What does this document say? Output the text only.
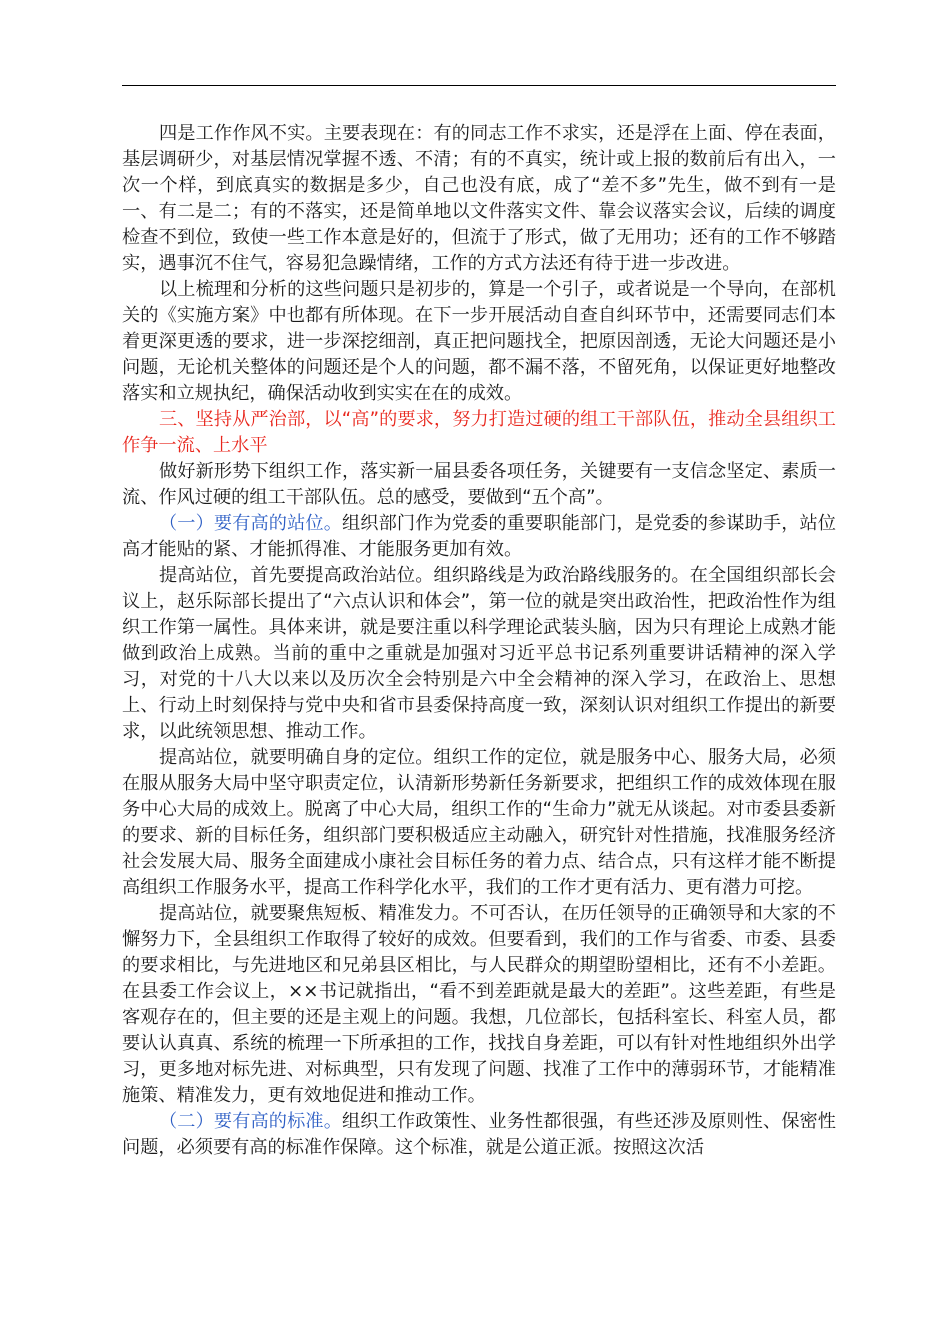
四是工作作风不实。主要表现在：有的同志工作不求实，还是浮在上面、停在表面，基层调研少，对基层情况掌握不透、不清；有的不真实，统计或上报的数前后有出入，一次一个样，到底真实的数据是多少，自己也没有底，成了“差不多”先生，做不到有一是一、有二是二；有的不落实，还是简单地以文件落实文件、靠会议落实会议，后续的调度检查不到位，致使一些工作本意是好的，但流于了形式，做了无用功；还有的工作不够踏实，遇事沉不住气，容易犯急躁情绪，工作的方式方法还有待于进一步改进。

以上梳理和分析的这些问题只是初步的，算是一个引子，或者说是一个导向，在部机关的《实施方案》中也都有所体现。在下一步开展活动自查自纠环节中，还需要同志们本着更深更透的要求，进一步深挖细剖，真正把问题找全，把原因剖透，无论大问题还是小问题，无论机关整体的问题还是个人的问题，都不漏不落，不留死角，以保证更好地整改落实和立规执纪，确保活动收到实实在在的成效。

三、坚持从严治部，以“高”的要求，努力打造过硬的组工干部队伍，推动全县组织工作争一流、上水平

做好新形势下组织工作，落实新一届县委各项任务，关键要有一支信念坚定、素质一流、作风过硬的组工干部队伍。总的感受，要做到“五个高”。

（一）要有高的站位。组织部门作为党委的重要职能部门，是党委的参谋助手，站位高才能贴的紧、才能抓得准、才能服务更加有效。

提高站位，首先要提高政治站位。组织路线是为政治路线服务的。在全国组织部长会议上，赵乐际部长提出了“六点认识和体会”，第一位的就是突出政治性，把政治性作为组织工作第一属性。具体来讲，就是要注重以科学理论武装头脑，因为只有理论上成熟才能做到政治上成熟。当前的重中之重就是加强对习近平总书记系列重要讲话精神的深入学习，对党的十八大以来以及历次全会特别是六中全会精神的深入学习，在政治上、思想上、行动上时刻保持与党中央和省市县委保持高度一致，深刻认识对组织工作提出的新要求，以此统领思想、推动工作。

提高站位，就要明确自身的定位。组织工作的定位，就是服务中心、服务大局，必须在服从服务大局中坚守职责定位，认清新形势新任务新要求，把组织工作的成效体现在服务中心大局的成效上。脱离了中心大局，组织工作的“生命力”就无从谈起。对市委县委新的要求、新的目标任务，组织部门要积极适应主动融入，研究针对性措施，找准服务经济社会发展大局、服务全面建成小康社会目标任务的着力点、结合点，只有这样才能不断提高组织工作服务水平，提高工作科学化水平，我们的工作才更有活力、更有潜力可挖。

提高站位，就要聚焦短板、精准发力。不可否认，在历任领导的正确领导和大家的不懈努力下，全县组织工作取得了较好的成效。但要看到，我们的工作与省委、市委、县委的要求相比，与先进地区和兄弟县区相比，与人民群众的期望盼望相比，还有不小差距。在县委工作会议上，××书记就指出，“看不到差距就是最大的差距”。这些差距，有些是客观存在的，但主要的还是主观上的问题。我想，几位部长，包括科室长、科室人员，都要认认真真、系统的梳理一下所承担的工作，找找自身差距，可以有针对性地组织外出学习，更多地对标先进、对标典型，只有发现了问题、找准了工作中的薄弱环节，才能精准施策、精准发力，更有效地促进和推动工作。

（二）要有高的标准。组织工作政策性、业务性都很强，有些还涉及原则性、保密性问题，必须要有高的标准作保障。这个标准，就是公道正派。按照这次活
